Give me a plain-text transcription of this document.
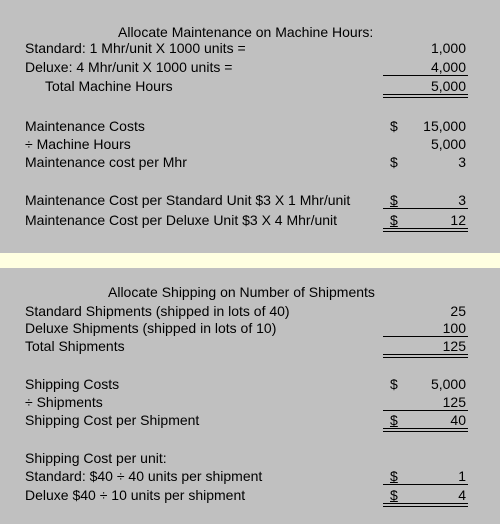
Allocate Maintenance on Machine Hours:
Standard: 1 Mhr/unit X 1000 units =	1,000
Deluxe: 4 Mhr/unit X 1000 units =	4,000
Total Machine Hours	5,000
Maintenance Costs	$	15,000
÷ Machine Hours	5,000
Maintenance cost per Mhr	$	3
Maintenance Cost per Standard Unit $3 X 1 Mhr/unit	$	3
Maintenance Cost per Deluxe Unit $3 X 4 Mhr/unit	$	12
Allocate Shipping on Number of Shipments
Standard Shipments (shipped in lots of 40)	25
Deluxe Shipments (shipped in lots of 10)	100
Total Shipments	125
Shipping Costs	$	5,000
÷ Shipments	125
Shipping Cost per Shipment	$	40
Shipping Cost per unit:
Standard: $40 ÷ 40 units per shipment	$	1
Deluxe $40 ÷ 10 units per shipment	$	4
